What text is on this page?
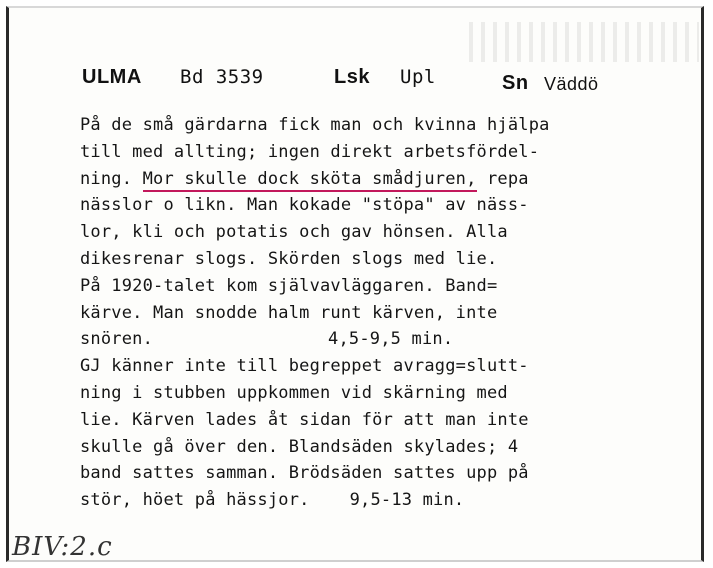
ULMA Bd 3539	Lsk Upl	Sn Väddö
På de små gärdarna fick man och kvinna hjälpa
till med allting; ingen direkt arbetsfördel-
ning. Mor skulle dock sköta smådjuren, repa
nässlor o likn. Man kokade "stöpa" av näss-
lor, kli och potatis och gav hönsen. Alla
dikesrenar slogs. Skörden slogs med lie.
På 1920-talet kom självavläggaren. Band=
kärve. Man snodde halm runt kärven, inte
snören.	4,5-9,5 min.
GJ känner inte till begreppet avragg=slutt-
ning i stubben uppkommen vid skärning med
lie. Kärven lades åt sidan för att man inte
skulle gå över den. Blandsäden skylades; 4
band sattes samman. Brödsäden sattes upp på
stör, höet på hässjor. 9,5-13 min.
BIV:2.c
